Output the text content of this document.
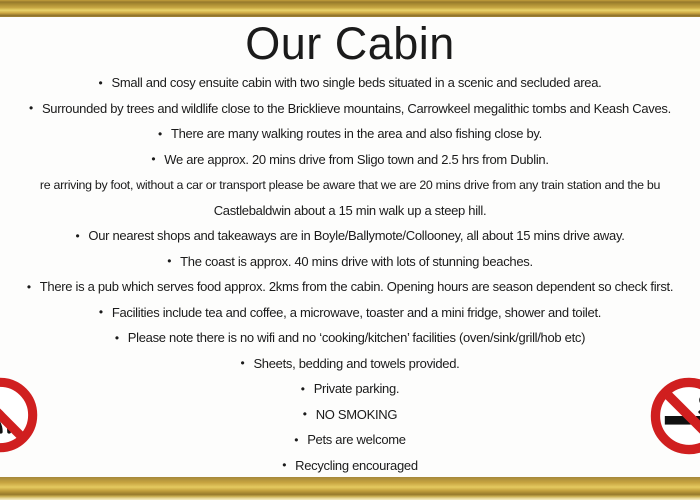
Our Cabin
• Small and cosy ensuite cabin with two single beds situated in a scenic and secluded area.
• Surrounded by trees and wildlife close to the Bricklieve mountains, Carrowkeel megalithic tombs and Keash Caves.
• There are many walking routes in the area and also fishing close by.
• We are approx. 20 mins drive from Sligo town and 2.5 hrs from Dublin.
re arriving by foot, without a car or transport please be aware that we are 20 mins drive from any train station and the bu
Castlebaldwin about a 15 min walk up a steep hill.
• Our nearest shops and takeaways are in Boyle/Ballymote/Collooney, all about 15 mins drive away.
• The coast is approx. 40 mins drive with lots of stunning beaches.
• There is a pub which serves food approx. 2kms from the cabin. Opening hours are season dependent so check first.
• Facilities include tea and coffee, a microwave, toaster and a mini fridge, shower and toilet.
• Please note there is no wifi and no ‘cooking/kitchen’ facilities (oven/sink/grill/hob etc)
• Sheets, bedding and towels provided.
• Private parking.
• NO SMOKING
• Pets are welcome
• Recycling encouraged
